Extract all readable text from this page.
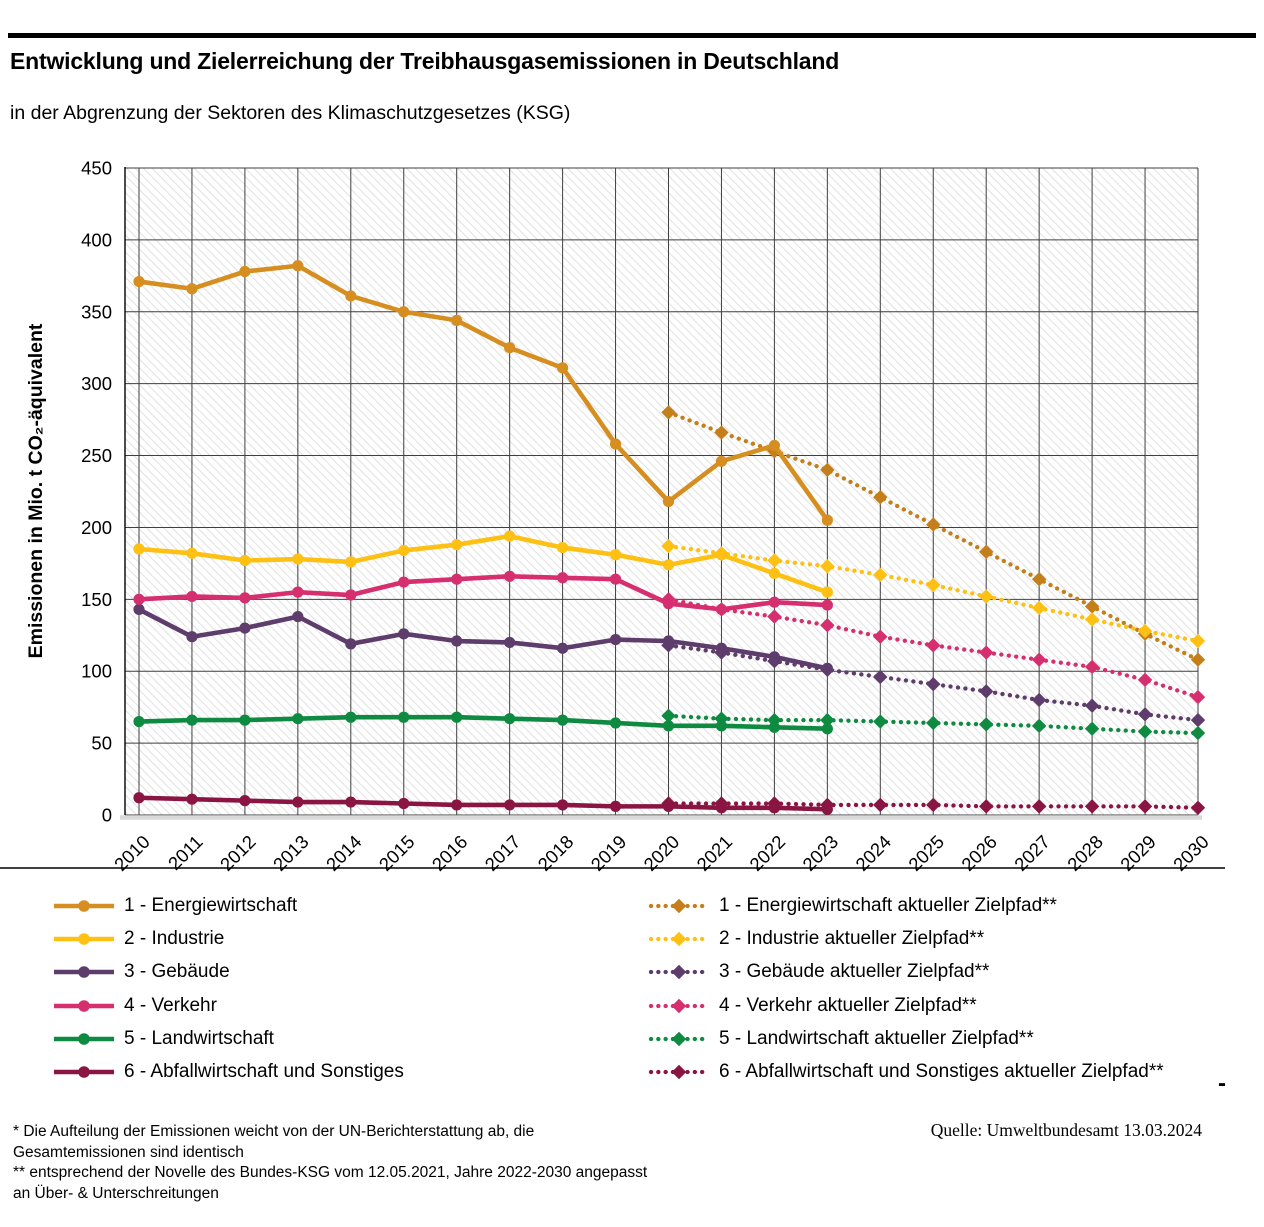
Entwicklung und Zielerreichung der Treibhausgasemissionen in Deutschland
in der Abgrenzung der Sektoren des Klimaschutzgesetzes (KSG)
0
50
100
150
200
250
300
350
400
450
2010 2011 2012 2013 2014 2015 2016 2017 2018 2019 2020 2021 2022 2023 2024 2025 2026 2027 2028 2029 2030
Emissionen in Mio. t CO₂-äquivalent
1 - Energiewirtschaft
2 - Industrie
3 - Gebäude
4 - Verkehr
5 - Landwirtschaft
6 - Abfallwirtschaft und Sonstiges
1 - Energiewirtschaft aktueller Zielpfad**
2 - Industrie aktueller Zielpfad**
3 - Gebäude aktueller Zielpfad**
4 - Verkehr aktueller Zielpfad**
5 - Landwirtschaft aktueller Zielpfad**
6 - Abfallwirtschaft und Sonstiges aktueller Zielpfad** -
* Die Aufteilung der Emissionen weicht von der UN-Berichterstattung ab, die
Gesamtemissionen sind identisch
** entsprechend der Novelle des Bundes-KSG vom 12.05.2021, Jahre 2022-2030 angepasst
an Über- & Unterschreitungen
Quelle: Umweltbundesamt 13.03.2024
